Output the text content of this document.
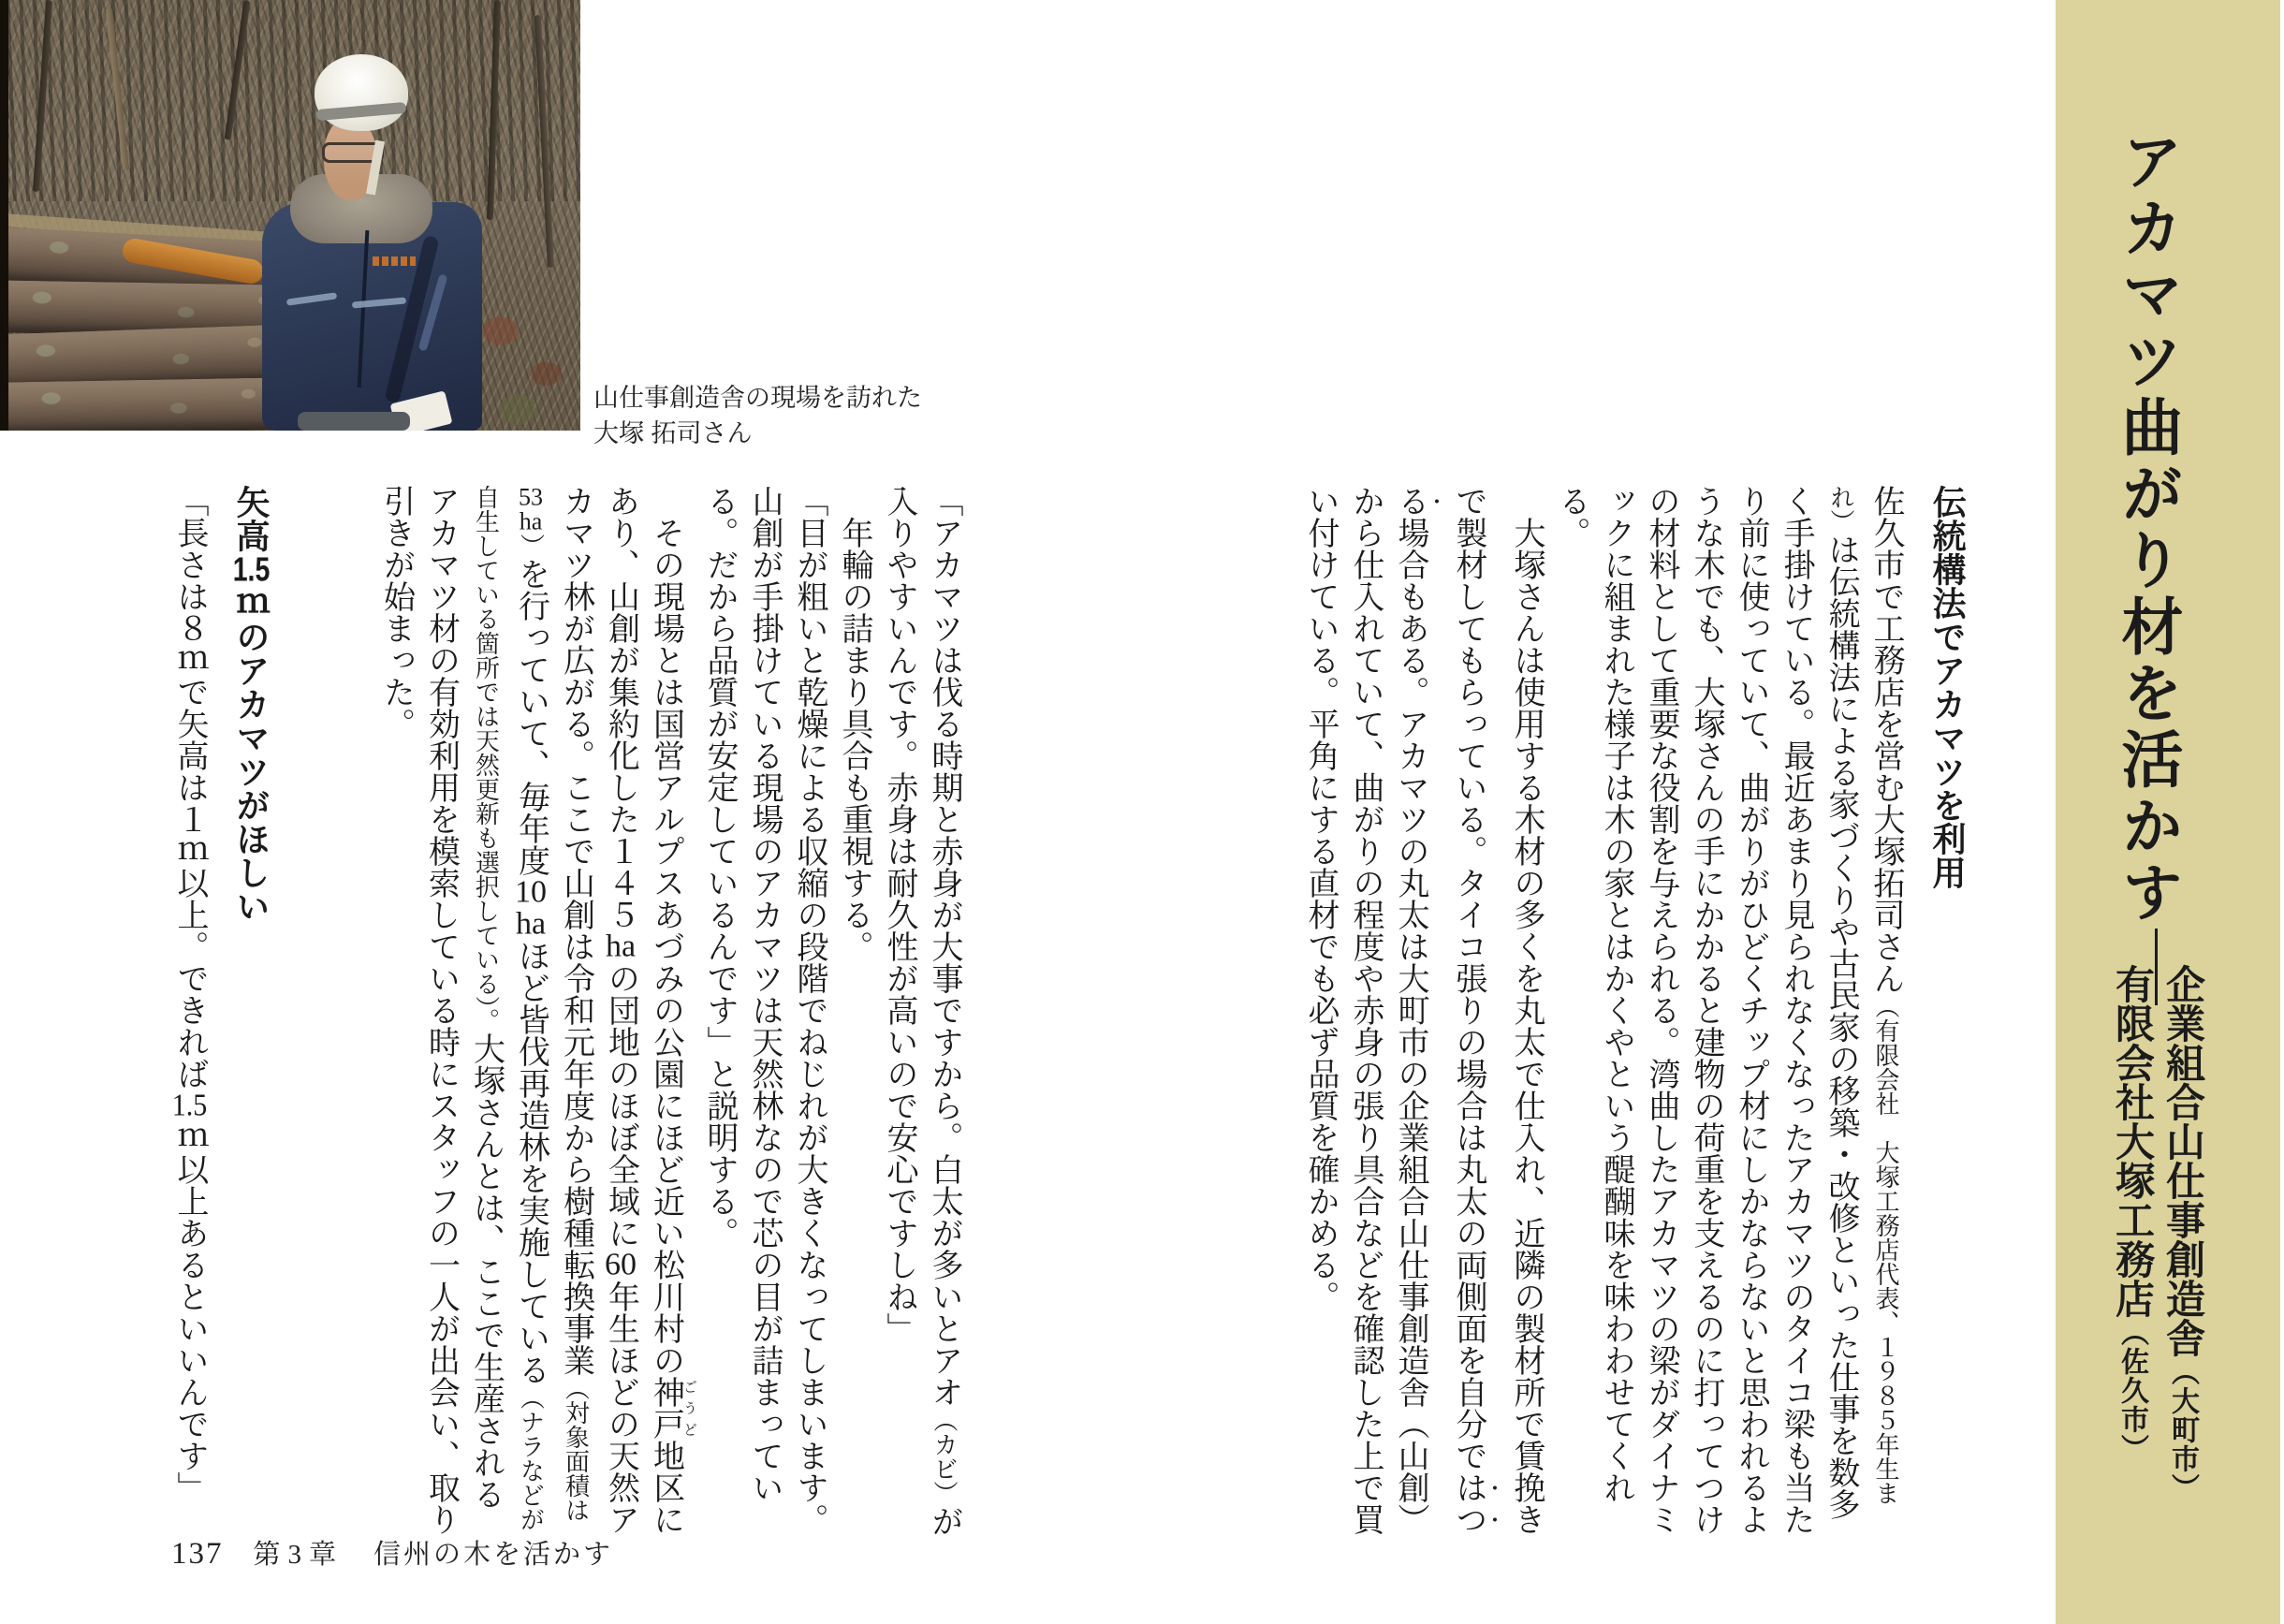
山仕事創造舎の現場を訪れた
大塚 拓司さん	アカマツ曲がり材を活かす
企業組合山仕事創造舎（大町市）
有限会社大塚工務店（佐久市）
伝統構法でアカマツを利用

佐久市で工務店を営む大塚拓司さん（有限会社　大塚工務店代表、１９８５年生まれ）は伝統構法による家づくりや古民家の移築・改修といった仕事を数多く手掛けている。最近あまり見られなくなったアカマツのタイコ梁も当たり前に使っていて、曲がりがひどくチップ材にしかならないと思われるような木でも、大塚さんの手にかかると建物の荷重を支えるのに打ってつけの材料として重要な役割を与えられる。湾曲したアカマツの梁がダイナミックに組まれた様子は木の家とはかくやという醍醐味を味わわせてくれる。

　大塚さんは使用する木材の多くを丸太で仕入れ、近隣の製材所で賃挽きで製材してもらっている。タイコ張りの場合は丸太の両側面を自分ではつる場合もある。アカマツの丸太は大町市の企業組合山仕事創造舎（山創）から仕入れていて、曲がりの程度や赤身の張り具合などを確認した上で買い付けている。平角にする直材でも必ず品質を確かめる。

「アカマツは伐る時期と赤身が大事ですから。白太が多いとアオ（カビ）が入りやすいんです。赤身は耐久性が高いので安心ですしね」

　年輪の詰まり具合も重視する。

「目が粗いと乾燥による収縮の段階でねじれが大きくなってしまいます。山創が手掛けている現場のアカマツは天然林なので芯の目が詰まっている。だから品質が安定しているんです」と説明する。

　その現場とは国営アルプスあづみの公園にほど近い松川村の神戸ごうど地区にあり、山創が集約化した１４５haの団地のほぼ全域に60年生ほどの天然アカマツ林が広がる。ここで山創は令和元年度から樹種転換事業（対象面積は53ha）を行っていて、毎年度10haほど皆伐再造林を実施している（ナラなどが自生している箇所では天然更新も選択している）。大塚さんとは、ここで生産されるアカマツ材の有効利用を模索している時にスタッフの一人が出会い、取り引きが始まった。

矢高1.5ｍのアカマツがほしい

「長さは８ｍで矢高は１ｍ以上。できれば1.5ｍ以上あるといいんです」

137 第3章 信州の木を活かす
